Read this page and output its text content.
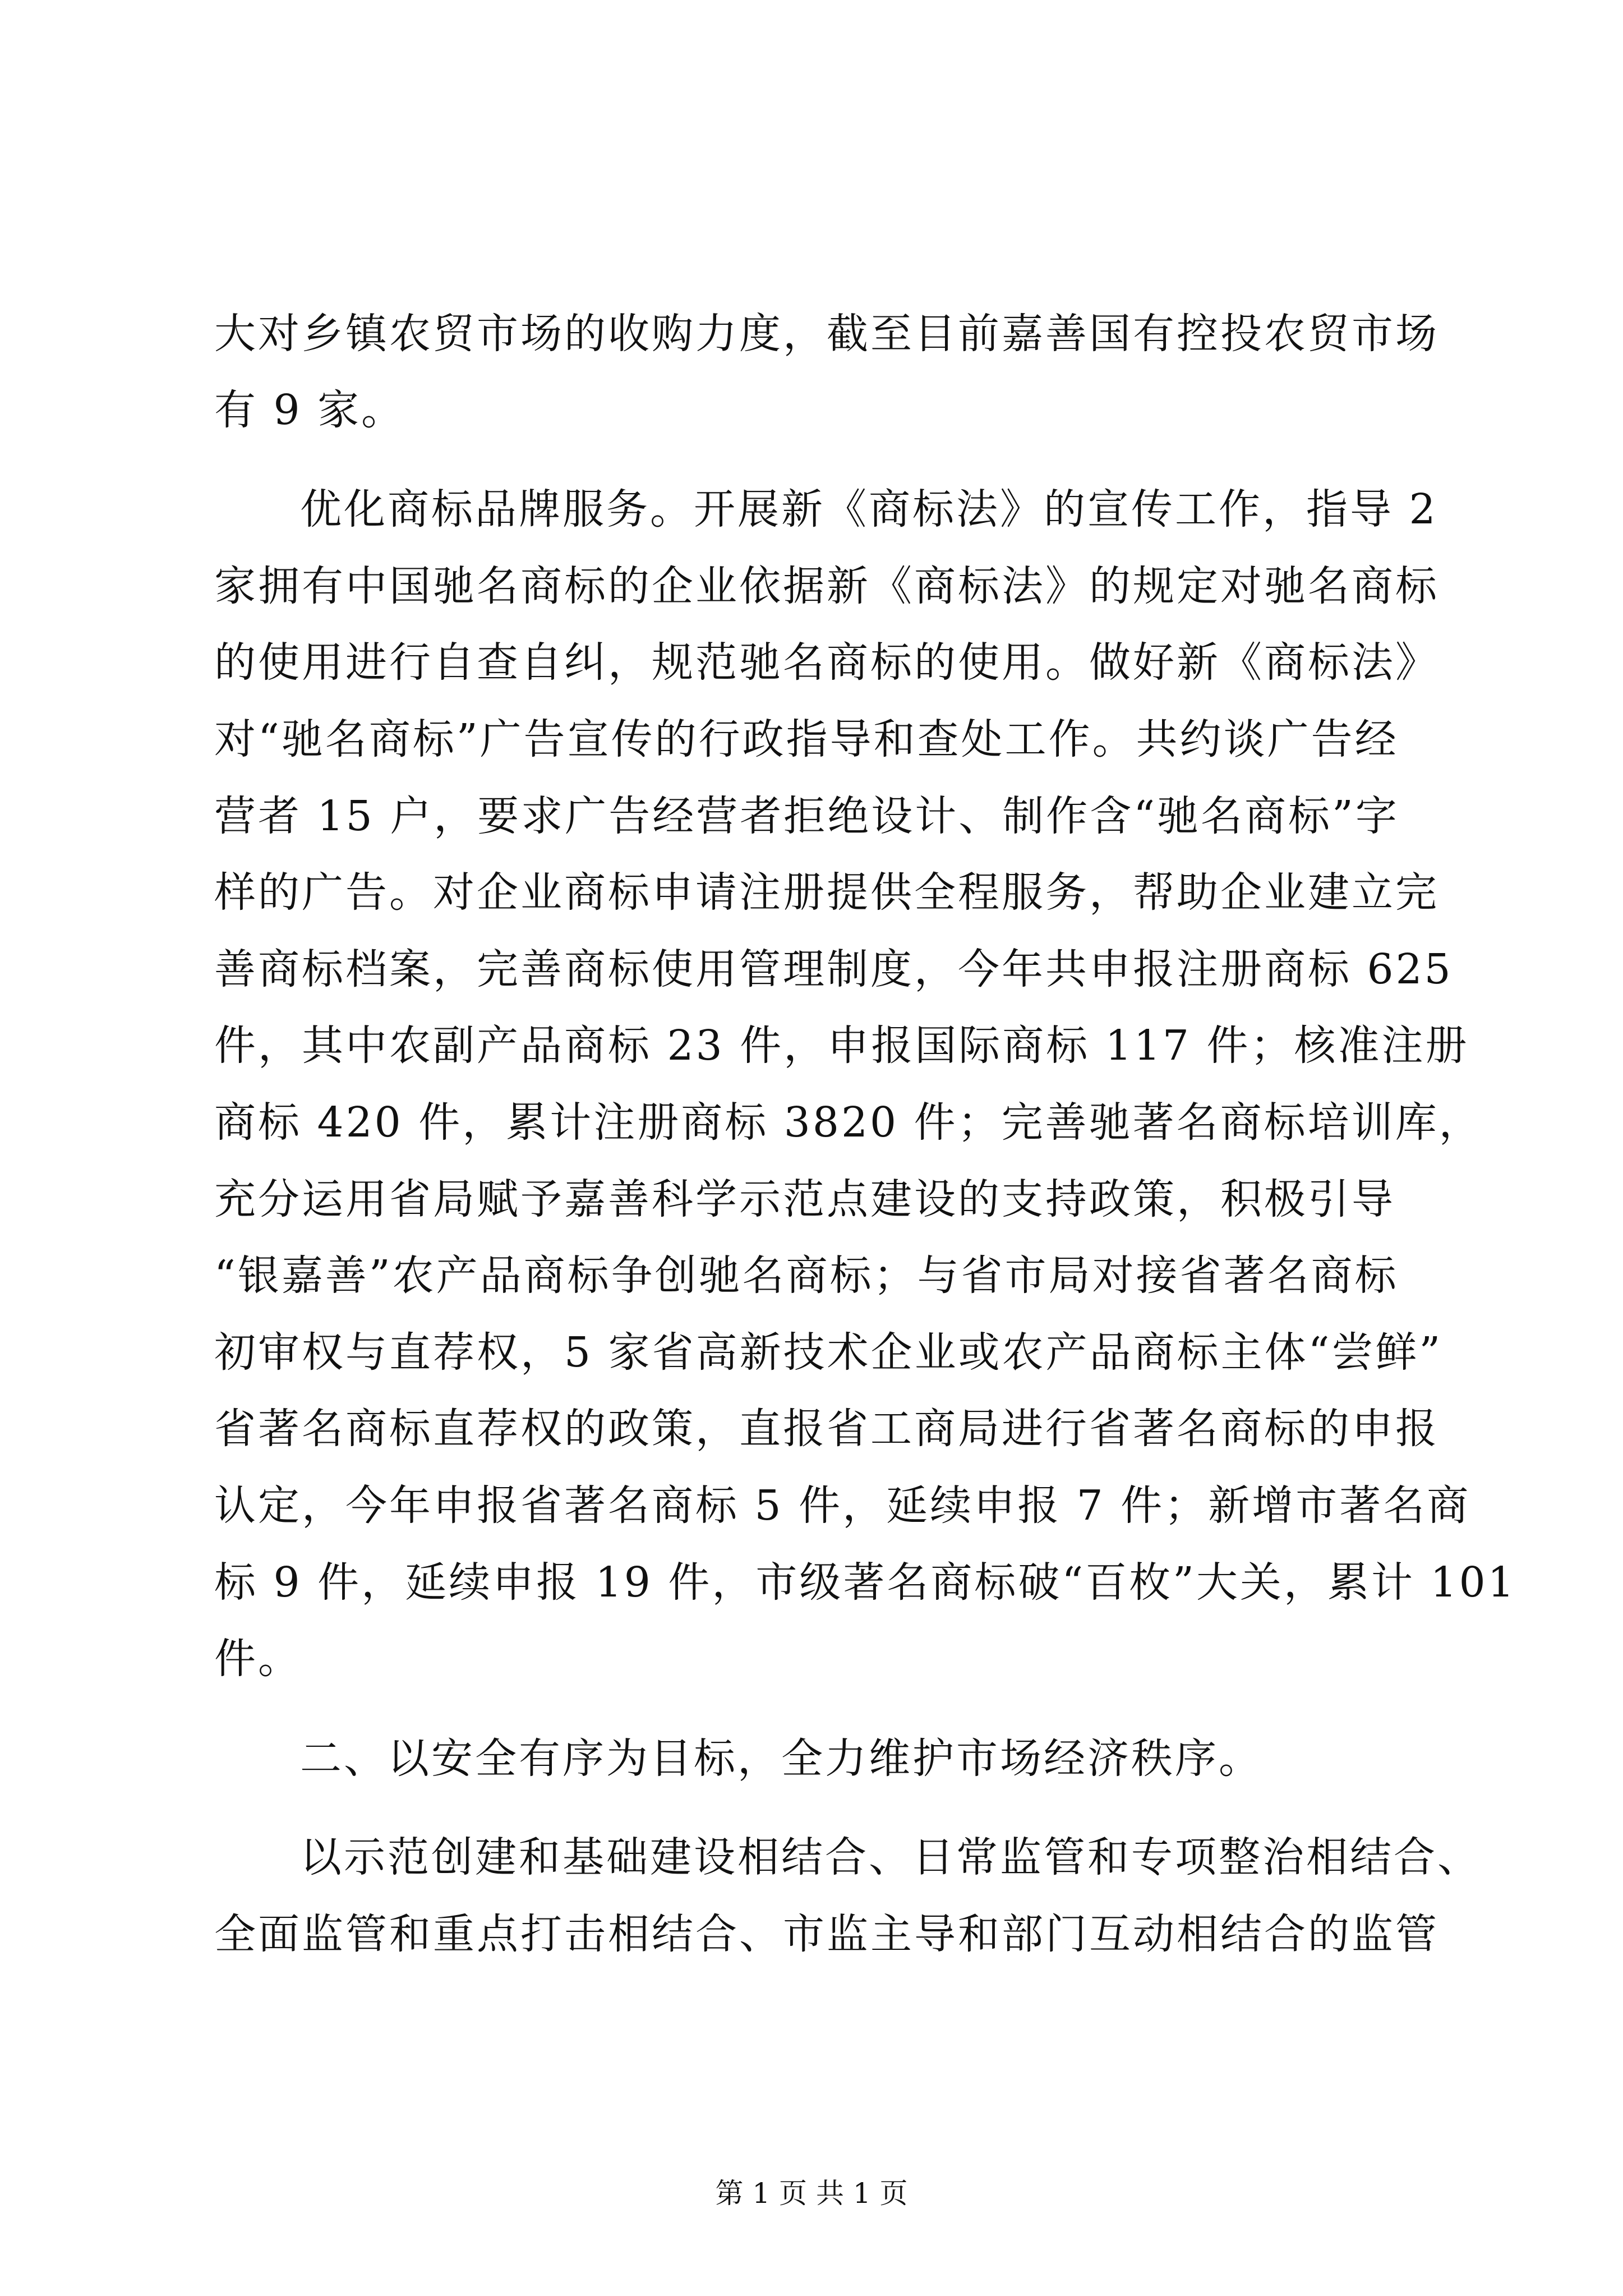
大对乡镇农贸市场的收购力度，截至目前嘉善国有控投农贸市场
有 9 家。
优化商标品牌服务。开展新《商标法》的宣传工作，指导 2
家拥有中国驰名商标的企业依据新《商标法》的规定对驰名商标
的使用进行自查自纠，规范驰名商标的使用。做好新《商标法》
对“驰名商标”广告宣传的行政指导和查处工作。共约谈广告经
营者 15 户，要求广告经营者拒绝设计、制作含“驰名商标”字
样的广告。对企业商标申请注册提供全程服务，帮助企业建立完
善商标档案，完善商标使用管理制度，今年共申报注册商标 625
件，其中农副产品商标 23 件，申报国际商标 117 件；核准注册
商标 420 件，累计注册商标 3820 件；完善驰著名商标培训库，
充分运用省局赋予嘉善科学示范点建设的支持政策，积极引导
“银嘉善”农产品商标争创驰名商标；与省市局对接省著名商标
初审权与直荐权，5 家省高新技术企业或农产品商标主体“尝鲜”
省著名商标直荐权的政策，直报省工商局进行省著名商标的申报
认定，今年申报省著名商标 5 件，延续申报 7 件；新增市著名商
标 9 件，延续申报 19 件，市级著名商标破“百枚”大关，累计 101
件。
二、以安全有序为目标，全力维护市场经济秩序。
以示范创建和基础建设相结合、日常监管和专项整治相结合、
全面监管和重点打击相结合、市监主导和部门互动相结合的监管
第 1 页 共 1 页
